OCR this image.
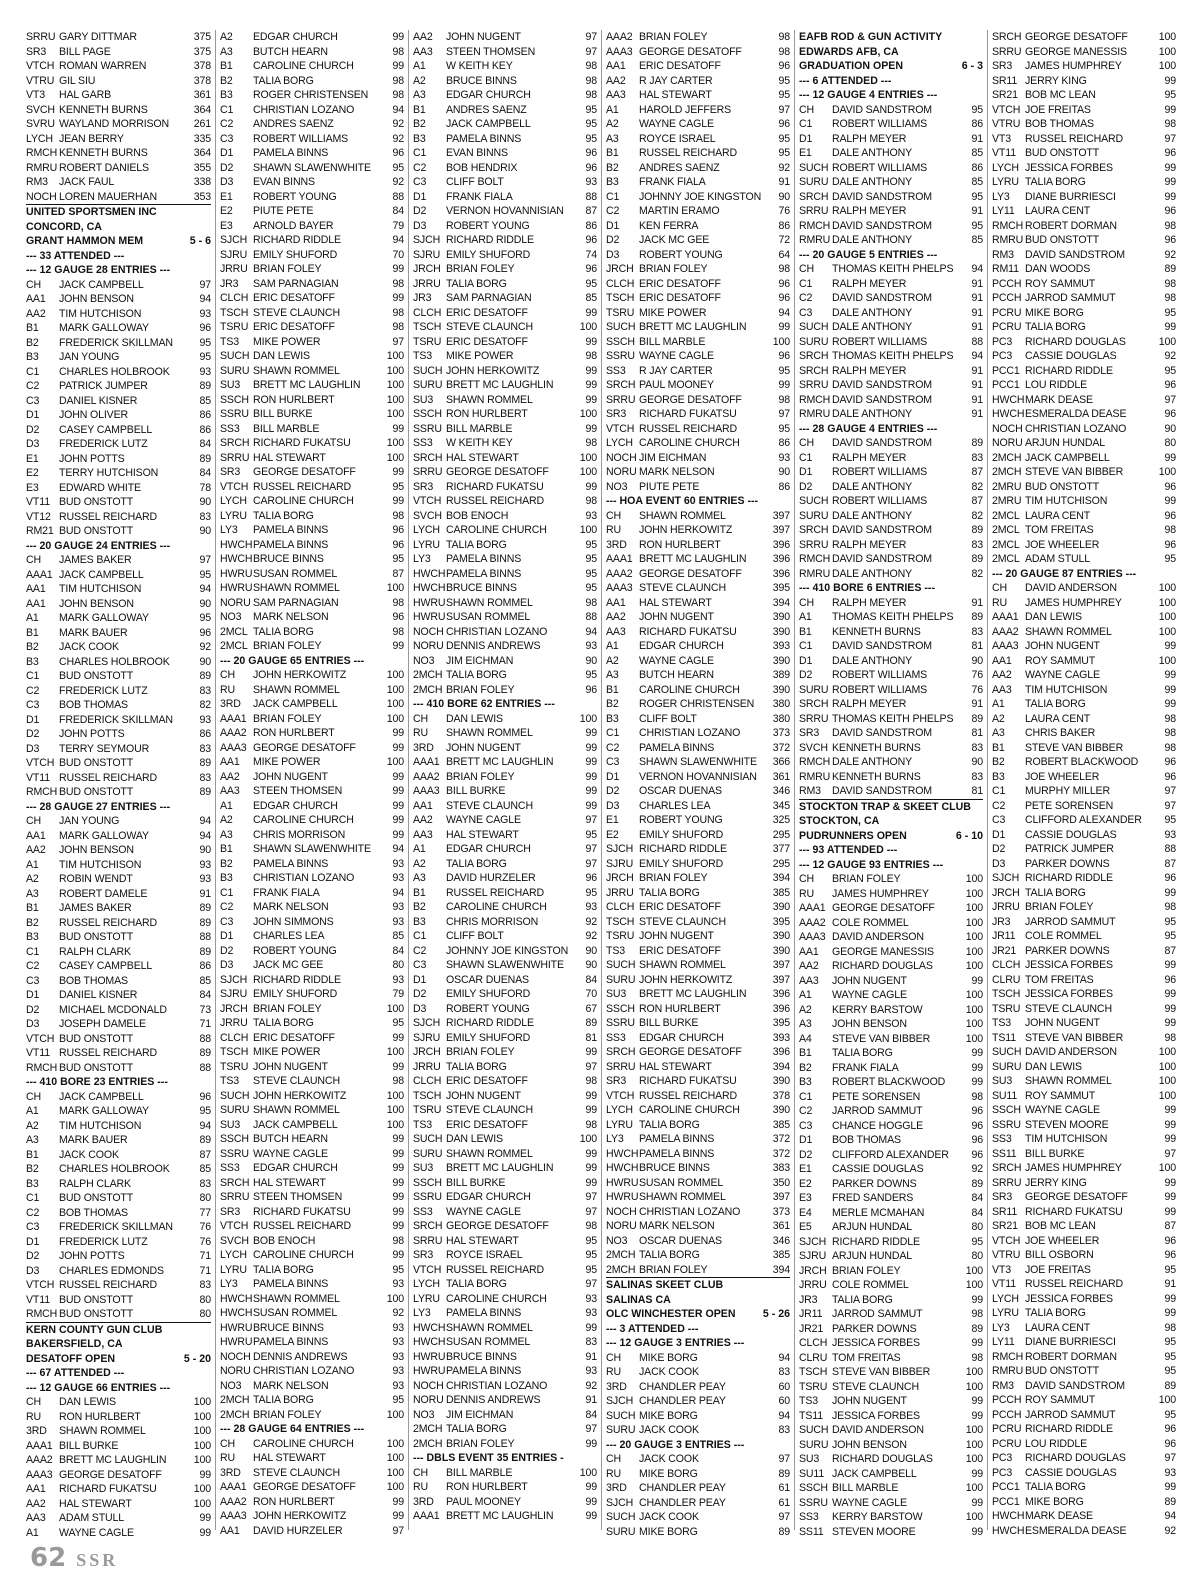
SRRU GARY DITTMAR	375
SR3	BILL PAGE	375
VTCH ROMAN WARREN	378
VTRU GIL SIU	378
VT3	HAL GARB	361
SVCH KENNETH BURNS	364
SVRU WAYLAND MORRISON	261
LYCH JEAN BERRY	335
RMCH KENNETH BURNS	364
RMRU ROBERT DANIELS	355
RM3	JACK FAUL	338
NOCH LOREN MAUERHAN	353
UNITED SPORTSMEN INC
CONCORD, CA
GRANT HAMMON MEM	5 - 6
--- 33 ATTENDED ---
--- 12 GAUGE 28 ENTRIES ---
CH	JACK CAMPBELL	97
AA1	JOHN BENSON	94
AA2	TIM HUTCHISON	93
B1	MARK GALLOWAY	96
B2	FREDERICK SKILLMAN	95
B3	JAN YOUNG	95
C1	CHARLES HOLBROOK	93
C2	PATRICK JUMPER	89
C3	DANIEL KISNER	85
D1	JOHN OLIVER	86
D2	CASEY CAMPBELL	86
D3	FREDERICK LUTZ	84
E1	JOHN POTTS	89
E2	TERRY HUTCHISON	84
E3	EDWARD WHITE	78
VT11 BUD ONSTOTT	90
VT12 RUSSEL REICHARD	83
RM21 BUD ONSTOTT	90
--- 20 GAUGE 24 ENTRIES ---
CH	JAMES BAKER	97
AAA1 JACK CAMPBELL	95
AA1	TIM HUTCHISON	94
AA1	JOHN BENSON	90
A1	MARK GALLOWAY	95
B1	MARK BAUER	96
B2	JACK COOK	92
B3	CHARLES HOLBROOK	90
C1	BUD ONSTOTT	89
C2	FREDERICK LUTZ	83
C3	BOB THOMAS	82
D1	FREDERICK SKILLMAN	93
D2	JOHN POTTS	86
D3	TERRY SEYMOUR	83
VTCH BUD ONSTOTT	89
VT11 RUSSEL REICHARD	83
RMCH BUD ONSTOTT	89
--- 28 GAUGE 27 ENTRIES ---
CH	JAN YOUNG	94
AA1	MARK GALLOWAY	94
AA2	JOHN BENSON	90
A1	TIM HUTCHISON	93
A2	ROBIN WENDT	93
A3	ROBERT DAMELE	91
B1	JAMES BAKER	89
B2	RUSSEL REICHARD	89
B3	BUD ONSTOTT	88
C1	RALPH CLARK	89
C2	CASEY CAMPBELL	86
C3	BOB THOMAS	85
D1	DANIEL KISNER	84
D2	MICHAEL MCDONALD	73
D3	JOSEPH DAMELE	71
VTCH BUD ONSTOTT	88
VT11 RUSSEL REICHARD	89
RMCH BUD ONSTOTT	88
--- 410 BORE 23 ENTRIES ---
CH	JACK CAMPBELL	96
A1	MARK GALLOWAY	95
A2	TIM HUTCHISON	94
A3	MARK BAUER	89
B1	JACK COOK	87
B2	CHARLES HOLBROOK	85
B3	RALPH CLARK	83
C1	BUD ONSTOTT	80
C2	BOB THOMAS	77
C3	FREDERICK SKILLMAN	76
D1	FREDERICK LUTZ	76
D2	JOHN POTTS	71
D3	CHARLES EDMONDS	71
VTCH RUSSEL REICHARD	83
VT11 BUD ONSTOTT	80
RMCH BUD ONSTOTT	80
KERN COUNTY GUN CLUB
BAKERSFIELD, CA
DESATOFF OPEN	5 - 20
--- 67 ATTENDED ---
--- 12 GAUGE 66 ENTRIES ---
CH	DAN LEWIS	100
RU	RON HURLBERT	100
3RD	SHAWN ROMMEL	100
AAA1 BILL BURKE	100
AAA2 BRETT MC LAUGHLIN	100
AAA3 GEORGE DESATOFF	99
AA1	RICHARD FUKATSU	100
AA2	HAL STEWART	100
AA3	ADAM STULL	99
A1	WAYNE CAGLE	99
A2	EDGAR CHURCH	99
A3	BUTCH HEARN	98
B1	CAROLINE CHURCH	99
B2	TALIA BORG	98
B3	ROGER CHRISTENSEN	98
C1	CHRISTIAN LOZANO	94
C2	ANDRES SAENZ	92
C3	ROBERT WILLIAMS	92
D1	PAMELA BINNS	96
D2	SHAWN SLAWENWHITE	95
D3	EVAN BINNS	92
E1	ROBERT YOUNG	88
E2	PIUTE PETE	84
E3	ARNOLD BAYER	79
SJCH RICHARD RIDDLE	94
SJRU EMILY SHUFORD	70
JRRU BRIAN FOLEY	99
JR3	SAM PARNAGIAN	98
CLCH ERIC DESATOFF	99
TSCH STEVE CLAUNCH	98
TSRU ERIC DESATOFF	98
TS3	MIKE POWER	97
SUCH DAN LEWIS	100
SURU SHAWN ROMMEL	100
SU3	BRETT MC LAUGHLIN	100
SSCH RON HURLBERT	100
SSRU BILL BURKE	100
SS3	BILL MARBLE	99
SRCH RICHARD FUKATSU	100
SRRU HAL STEWART	100
SR3	GEORGE DESATOFF	99
VTCH RUSSEL REICHARD	95
LYCH CAROLINE CHURCH	99
LYRU TALIA BORG	98
LY3	PAMELA BINNS	96
HWCH PAMELA BINNS	96
HWCH BRUCE BINNS	95
HWRU SUSAN ROMMEL	87
HWRU SHAWN ROMMEL	100
NORU SAM PARNAGIAN	98
NO3	MARK NELSON	96
2MCL TALIA BORG	98
2MCL BRIAN FOLEY	99
--- 20 GAUGE 65 ENTRIES ---
CH	JOHN HERKOWITZ	100
RU	SHAWN ROMMEL	100
3RD	JACK CAMPBELL	100
AAA1 BRIAN FOLEY	100
AAA2 RON HURLBERT	99
AAA3 GEORGE DESATOFF	99
AA1	MIKE POWER	100
AA2	JOHN NUGENT	99
AA3	STEEN THOMSEN	99
A1	EDGAR CHURCH	99
A2	CAROLINE CHURCH	99
A3	CHRIS MORRISON	99
B1	SHAWN SLAWENWHITE	94
B2	PAMELA BINNS	93
B3	CHRISTIAN LOZANO	93
C1	FRANK FIALA	94
C2	MARK NELSON	93
C3	JOHN SIMMONS	93
D1	CHARLES LEA	85
D2	ROBERT YOUNG	84
D3	JACK MC GEE	80
SJCH RICHARD RIDDLE	93
SJRU EMILY SHUFORD	79
JRCH BRIAN FOLEY	100
JRRU TALIA BORG	95
CLCH ERIC DESATOFF	99
TSCH MIKE POWER	100
TSRU JOHN NUGENT	99
TS3	STEVE CLAUNCH	98
SUCH JOHN HERKOWITZ	100
SURU SHAWN ROMMEL	100
SU3	JACK CAMPBELL	100
SSCH BUTCH HEARN	99
SSRU WAYNE CAGLE	99
SS3	EDGAR CHURCH	99
SRCH HAL STEWART	99
SRRU STEEN THOMSEN	99
SR3	RICHARD FUKATSU	99
VTCH RUSSEL REICHARD	99
SVCH BOB ENOCH	98
LYCH CAROLINE CHURCH	99
LYRU TALIA BORG	95
LY3	PAMELA BINNS	93
HWCH SHAWN ROMMEL	100
HWCH SUSAN ROMMEL	92
HWRU BRUCE BINNS	93
HWRU PAMELA BINNS	93
NOCH DENNIS ANDREWS	93
NORU CHRISTIAN LOZANO	93
NO3	MARK NELSON	93
2MCH TALIA BORG	95
2MCH BRIAN FOLEY	100
--- 28 GAUGE 64 ENTRIES ---
CH	CAROLINE CHURCH	100
RU	HAL STEWART	100
3RD	STEVE CLAUNCH	100
AAA1 GEORGE DESATOFF	100
AAA2 RON HURLBERT	99
AAA3 JOHN HERKOWITZ	99
AA1	DAVID HURZELER	97
AA2	JOHN NUGENT	97
AA3	STEEN THOMSEN	97
A1	W KEITH KEY	98
A2	BRUCE BINNS	98
A3	EDGAR CHURCH	98
B1	ANDRES SAENZ	95
B2	JACK CAMPBELL	95
B3	PAMELA BINNS	95
C1	EVAN BINNS	96
C2	BOB HENDRIX	96
C3	CLIFF BOLT	93
D1	FRANK FIALA	88
D2	VERNON HOVANNISIAN	87
D3	ROBERT YOUNG	86
SJCH RICHARD RIDDLE	96
SJRU EMILY SHUFORD	74
JRCH BRIAN FOLEY	96
JRRU TALIA BORG	95
JR3	SAM PARNAGIAN	85
CLCH ERIC DESATOFF	99
TSCH STEVE CLAUNCH	100
TSRU ERIC DESATOFF	99
TS3	MIKE POWER	98
SUCH JOHN HERKOWITZ	99
SURU BRETT MC LAUGHLIN	99
SU3	SHAWN ROMMEL	99
SSCH RON HURLBERT	100
SSRU BILL MARBLE	99
SS3	W KEITH KEY	98
SRCH HAL STEWART	100
SRRU GEORGE DESATOFF	100
SR3	RICHARD FUKATSU	99
VTCH RUSSEL REICHARD	98
SVCH BOB ENOCH	93
LYCH CAROLINE CHURCH	100
LYRU TALIA BORG	95
LY3	PAMELA BINNS	95
HWCH PAMELA BINNS	95
HWCH BRUCE BINNS	95
HWRU SHAWN ROMMEL	98
HWRU SUSAN ROMMEL	88
NOCH CHRISTIAN LOZANO	94
NORU DENNIS ANDREWS	93
NO3	JIM EICHMAN	90
2MCH TALIA BORG	95
2MCH BRIAN FOLEY	96
--- 410 BORE 62 ENTRIES ---
CH	DAN LEWIS	100
RU	SHAWN ROMMEL	99
3RD	JOHN NUGENT	99
AAA1 BRETT MC LAUGHLIN	99
AAA2 BRIAN FOLEY	99
AAA3 BILL BURKE	99
AA1	STEVE CLAUNCH	99
AA2	WAYNE CAGLE	97
AA3	HAL STEWART	95
A1	EDGAR CHURCH	97
A2	TALIA BORG	97
A3	DAVID HURZELER	96
B1	RUSSEL REICHARD	95
B2	CAROLINE CHURCH	93
B3	CHRIS MORRISON	92
C1	CLIFF BOLT	92
C2	JOHNNY JOE KINGSTON	90
C3	SHAWN SLAWENWHITE	90
D1	OSCAR DUENAS	84
D2	EMILY SHUFORD	70
D3	ROBERT YOUNG	67
SJCH RICHARD RIDDLE	89
SJRU EMILY SHUFORD	81
JRCH BRIAN FOLEY	99
JRRU TALIA BORG	97
CLCH ERIC DESATOFF	98
TSCH JOHN NUGENT	99
TSRU STEVE CLAUNCH	99
TS3	ERIC DESATOFF	98
SUCH DAN LEWIS	100
SURU SHAWN ROMMEL	99
SU3	BRETT MC LAUGHLIN	99
SSCH BILL BURKE	99
SSRU EDGAR CHURCH	97
SS3	WAYNE CAGLE	97
SRCH GEORGE DESATOFF	98
SRRU HAL STEWART	95
SR3	ROYCE ISRAEL	95
VTCH RUSSEL REICHARD	95
LYCH TALIA BORG	97
LYRU CAROLINE CHURCH	93
LY3	PAMELA BINNS	93
HWCH SHAWN ROMMEL	99
HWCH SUSAN ROMMEL	83
HWRU BRUCE BINNS	91
HWRU PAMELA BINNS	93
NOCH CHRISTIAN LOZANO	92
NORU DENNIS ANDREWS	91
NO3	JIM EICHMAN	84
2MCH TALIA BORG	97
2MCH BRIAN FOLEY	99
--- DBLS EVENT 35 ENTRIES -
CH	BILL MARBLE	100
RU	RON HURLBERT	99
3RD	PAUL MOONEY	99
AAA1 BRETT MC LAUGHLIN	99
AAA2 BRIAN FOLEY	98
AAA3 GEORGE DESATOFF	98
AA1	ERIC DESATOFF	96
AA2	R JAY CARTER	95
AA3	HAL STEWART	95
A1	HAROLD JEFFERS	97
A2	WAYNE CAGLE	96
A3	ROYCE ISRAEL	95
B1	RUSSEL REICHARD	95
B2	ANDRES SAENZ	92
B3	FRANK FIALA	91
C1	JOHNNY JOE KINGSTON	90
C2	MARTIN ERAMO	76
D1	KEN FERRA	86
D2	JACK MC GEE	72
D3	ROBERT YOUNG	64
JRCH BRIAN FOLEY	98
CLCH ERIC DESATOFF	96
TSCH ERIC DESATOFF	96
TSRU MIKE POWER	94
SUCH BRETT MC LAUGHLIN	99
SSCH BILL MARBLE	100
SSRU WAYNE CAGLE	96
SS3	R JAY CARTER	95
SRCH PAUL MOONEY	99
SRRU GEORGE DESATOFF	98
SR3	RICHARD FUKATSU	97
VTCH RUSSEL REICHARD	95
LYCH CAROLINE CHURCH	86
NOCH JIM EICHMAN	93
NORU MARK NELSON	90
NO3	PIUTE PETE	86
--- HOA EVENT 60 ENTRIES ---
CH	SHAWN ROMMEL	397
RU	JOHN HERKOWITZ	397
3RD	RON HURLBERT	396
AAA1 BRETT MC LAUGHLIN	396
AAA2 GEORGE DESATOFF	396
AAA3 STEVE CLAUNCH	395
AA1	HAL STEWART	394
AA2	JOHN NUGENT	390
AA3	RICHARD FUKATSU	390
A1	EDGAR CHURCH	393
A2	WAYNE CAGLE	390
A3	BUTCH HEARN	389
B1	CAROLINE CHURCH	390
B2	ROGER CHRISTENSEN	380
B3	CLIFF BOLT	380
C1	CHRISTIAN LOZANO	373
C2	PAMELA BINNS	372
C3	SHAWN SLAWENWHITE	366
D1	VERNON HOVANNISIAN	361
D2	OSCAR DUENAS	346
D3	CHARLES LEA	345
E1	ROBERT YOUNG	325
E2	EMILY SHUFORD	295
SJCH RICHARD RIDDLE	377
SJRU EMILY SHUFORD	295
JRCH BRIAN FOLEY	394
JRRU TALIA BORG	385
CLCH ERIC DESATOFF	390
TSCH STEVE CLAUNCH	395
TSRU JOHN NUGENT	390
TS3	ERIC DESATOFF	390
SUCH SHAWN ROMMEL	397
SURU JOHN HERKOWITZ	397
SU3	BRETT MC LAUGHLIN	396
SSCH RON HURLBERT	396
SSRU BILL BURKE	395
SS3	EDGAR CHURCH	393
SRCH GEORGE DESATOFF	396
SRRU HAL STEWART	394
SR3	RICHARD FUKATSU	390
VTCH RUSSEL REICHARD	378
LYCH CAROLINE CHURCH	390
LYRU TALIA BORG	385
LY3	PAMELA BINNS	372
HWCH PAMELA BINNS	372
HWCH BRUCE BINNS	383
HWRU SUSAN ROMMEL	350
HWRU SHAWN ROMMEL	397
NOCH CHRISTIAN LOZANO	373
NORU MARK NELSON	361
NO3	OSCAR DUENAS	346
2MCH TALIA BORG	385
2MCH BRIAN FOLEY	394
SALINAS SKEET CLUB
SALINAS CA
OLC WINCHESTER OPEN	5 - 26
--- 3 ATTENDED ---
--- 12 GAUGE 3 ENTRIES ---
CH	MIKE BORG	94
RU	JACK COOK	83
3RD	CHANDLER PEAY	60
SJCH CHANDLER PEAY	60
SUCH MIKE BORG	94
SURU JACK COOK	83
--- 20 GAUGE 3 ENTRIES ---
CH	JACK COOK	97
RU	MIKE BORG	89
3RD	CHANDLER PEAY	61
SJCH CHANDLER PEAY	61
SUCH JACK COOK	97
SURU MIKE BORG	89
EAFB ROD & GUN ACTIVITY
EDWARDS AFB, CA
GRADUATION OPEN	6 - 3
--- 6 ATTENDED ---
--- 12 GAUGE 4 ENTRIES ---
CH	DAVID SANDSTROM	95
C1	ROBERT WILLIAMS	86
D1	RALPH MEYER	91
E1	DALE ANTHONY	85
SUCH ROBERT WILLIAMS	86
SURU DALE ANTHONY	85
SRCH DAVID SANDSTROM	95
SRRU RALPH MEYER	91
RMCH DAVID SANDSTROM	95
RMRU DALE ANTHONY	85
--- 20 GAUGE 5 ENTRIES ---
CH	THOMAS KEITH PHELPS	94
C1	RALPH MEYER	91
C2	DAVID SANDSTROM	91
C3	DALE ANTHONY	91
SUCH DALE ANTHONY	91
SURU ROBERT WILLIAMS	88
SRCH THOMAS KEITH PHELPS	94
SRCH RALPH MEYER	91
SRRU DAVID SANDSTROM	91
RMCH DAVID SANDSTROM	91
RMRU DALE ANTHONY	91
--- 28 GAUGE 4 ENTRIES ---
CH	DAVID SANDSTROM	89
C1	RALPH MEYER	83
D1	ROBERT WILLIAMS	87
D2	DALE ANTHONY	82
SUCH ROBERT WILLIAMS	87
SURU DALE ANTHONY	82
SRCH DAVID SANDSTROM	89
SRRU RALPH MEYER	83
RMCH DAVID SANDSTROM	89
RMRU DALE ANTHONY	82
--- 410 BORE 6 ENTRIES ---
CH	RALPH MEYER	91
A1	THOMAS KEITH PHELPS	89
B1	KENNETH BURNS	83
C1	DAVID SANDSTROM	81
D1	DALE ANTHONY	90
D2	ROBERT WILLIAMS	76
SURU ROBERT WILLIAMS	76
SRCH RALPH MEYER	91
SRRU THOMAS KEITH PHELPS	89
SR3	DAVID SANDSTROM	81
SVCH KENNETH BURNS	83
RMCH DALE ANTHONY	90
RMRU KENNETH BURNS	83
RM3	DAVID SANDSTROM	81
STOCKTON TRAP & SKEET CLUB
STOCKTON, CA
PUDRUNNERS OPEN	6 - 10
--- 93 ATTENDED ---
--- 12 GAUGE 93 ENTRIES ---
CH	BRIAN FOLEY	100
RU	JAMES HUMPHREY	100
AAA1 GEORGE DESATOFF	100
AAA2 COLE ROMMEL	100
AAA3 DAVID ANDERSON	100
AA1	GEORGE MANESSIS	100
AA2	RICHARD DOUGLAS	100
AA3	JOHN NUGENT	99
A1	WAYNE CAGLE	100
A2	KERRY BARSTOW	100
A3	JOHN BENSON	100
A4	STEVE VAN BIBBER	100
B1	TALIA BORG	99
B2	FRANK FIALA	99
B3	ROBERT BLACKWOOD	99
C1	PETE SORENSEN	98
C2	JARROD SAMMUT	96
C3	CHANCE HOGGLE	96
D1	BOB THOMAS	96
D2	CLIFFORD ALEXANDER	96
E1	CASSIE DOUGLAS	92
E2	PARKER DOWNS	89
E3	FRED SANDERS	84
E4	MERLE MCMAHAN	84
E5	ARJUN HUNDAL	80
SJCH RICHARD RIDDLE	95
SJRU ARJUN HUNDAL	80
JRCH BRIAN FOLEY	100
JRRU COLE ROMMEL	100
JR3	TALIA BORG	99
JR11 JARROD SAMMUT	98
JR21 PARKER DOWNS	89
CLCH JESSICA FORBES	99
CLRU TOM FREITAS	98
TSCH STEVE VAN BIBBER	100
TSRU STEVE CLAUNCH	100
TS3	JOHN NUGENT	99
TS11 JESSICA FORBES	99
SUCH DAVID ANDERSON	100
SURU JOHN BENSON	100
SU3	RICHARD DOUGLAS	100
SU11 JACK CAMPBELL	99
SSCH BILL MARBLE	100
SSRU WAYNE CAGLE	99
SS3	KERRY BARSTOW	100
SS11 STEVEN MOORE	99
SRCH GEORGE DESATOFF	100
SRRU GEORGE MANESSIS	100
SR3	JAMES HUMPHREY	100
SR11 JERRY KING	99
SR21 BOB MC LEAN	95
VTCH JOE FREITAS	99
VTRU BOB THOMAS	98
VT3	RUSSEL REICHARD	97
VT11 BUD ONSTOTT	96
LYCH JESSICA FORBES	99
LYRU TALIA BORG	99
LY3	DIANE BURRIESCI	99
LY11 LAURA CENT	96
RMCH ROBERT DORMAN	98
RMRU BUD ONSTOTT	96
RM3	DAVID SANDSTROM	92
RM11 DAN WOODS	89
PCCH ROY SAMMUT	98
PCCH JARROD SAMMUT	98
PCRU MIKE BORG	95
PCRU TALIA BORG	99
PC3	RICHARD DOUGLAS	100
PC3	CASSIE DOUGLAS	92
PCC1 RICHARD RIDDLE	95
PCC1 LOU RIDDLE	96
HWCH MARK DEASE	97
HWCH ESMERALDA DEASE	96
NOCH CHRISTIAN LOZANO	90
NORU ARJUN HUNDAL	80
2MCH JACK CAMPBELL	99
2MCH STEVE VAN BIBBER	100
2MRU BUD ONSTOTT	96
2MRU TIM HUTCHISON	99
2MCL LAURA CENT	96
2MCL TOM FREITAS	98
2MCL JOE WHEELER	96
2MCL ADAM STULL	95
--- 20 GAUGE 87 ENTRIES ---
CH	DAVID ANDERSON	100
RU	JAMES HUMPHREY	100
AAA1 DAN LEWIS	100
AAA2 SHAWN ROMMEL	100
AAA3 JOHN NUGENT	99
AA1	ROY SAMMUT	100
AA2	WAYNE CAGLE	99
AA3	TIM HUTCHISON	99
A1	TALIA BORG	99
A2	LAURA CENT	98
A3	CHRIS BAKER	98
B1	STEVE VAN BIBBER	98
B2	ROBERT BLACKWOOD	96
B3	JOE WHEELER	96
C1	MURPHY MILLER	97
C2	PETE SORENSEN	97
C3	CLIFFORD ALEXANDER	95
D1	CASSIE DOUGLAS	93
D2	PATRICK JUMPER	88
D3	PARKER DOWNS	87
SJCH RICHARD RIDDLE	96
JRCH TALIA BORG	99
JRRU BRIAN FOLEY	98
JR3	JARROD SAMMUT	95
JR11 COLE ROMMEL	95
JR21 PARKER DOWNS	87
CLCH JESSICA FORBES	99
CLRU TOM FREITAS	96
TSCH JESSICA FORBES	99
TSRU STEVE CLAUNCH	99
TS3	JOHN NUGENT	99
TS11 STEVE VAN BIBBER	98
SUCH DAVID ANDERSON	100
SURU DAN LEWIS	100
SU3	SHAWN ROMMEL	100
SU11 ROY SAMMUT	100
SSCH WAYNE CAGLE	99
SSRU STEVEN MOORE	99
SS3	TIM HUTCHISON	99
SS11 BILL BURKE	97
SRCH JAMES HUMPHREY	100
SRRU JERRY KING	99
SR3	GEORGE DESATOFF	99
SR11 RICHARD FUKATSU	99
SR21 BOB MC LEAN	87
VTCH JOE WHEELER	96
VTRU BILL OSBORN	96
VT3	JOE FREITAS	95
VT11 RUSSEL REICHARD	91
LYCH JESSICA FORBES	99
LYRU TALIA BORG	99
LY3	LAURA CENT	98
LY11 DIANE BURRIESCI	95
RMCH ROBERT DORMAN	95
RMRU BUD ONSTOTT	95
RM3	DAVID SANDSTROM	89
PCCH ROY SAMMUT	100
PCCH JARROD SAMMUT	95
PCRU RICHARD RIDDLE	96
PCRU LOU RIDDLE	96
PC3	RICHARD DOUGLAS	97
PC3	CASSIE DOUGLAS	93
PCC1 TALIA BORG	99
PCC1 MIKE BORG	89
HWCH MARK DEASE	94
HWCH ESMERALDA DEASE	92
62 SSR
